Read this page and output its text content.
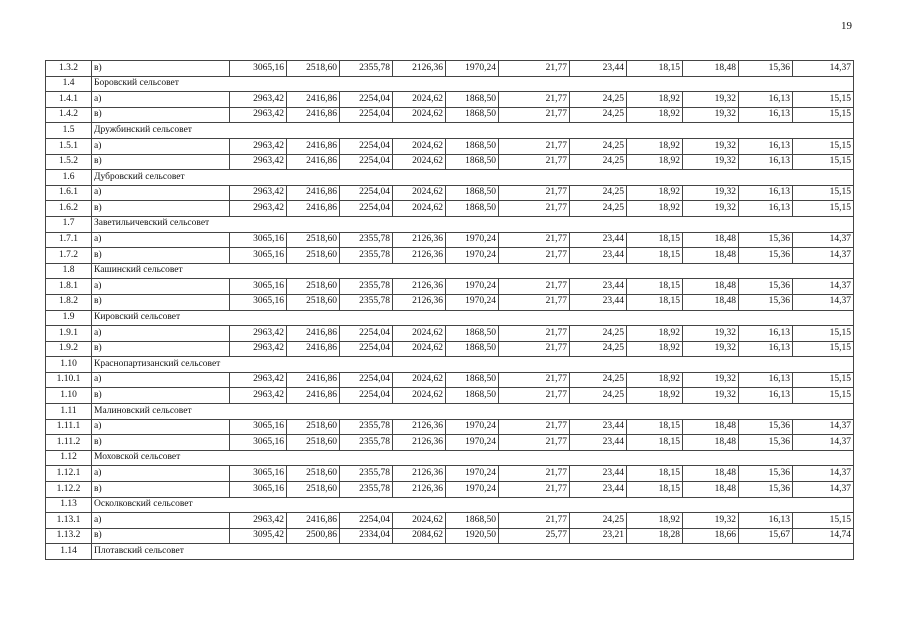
19
1.3.2	в)	3065,16	2518,60	2355,78	2126,36	1970,24	21,77	23,44	18,15	18,48	15,36	14,37
1.4	Боровский сельсовет											
1.4.1	а)	2963,42	2416,86	2254,04	2024,62	1868,50	21,77	24,25	18,92	19,32	16,13	15,15
1.4.2	в)	2963,42	2416,86	2254,04	2024,62	1868,50	21,77	24,25	18,92	19,32	16,13	15,15
1.5	Дружбинский сельсовет											
1.5.1	а)	2963,42	2416,86	2254,04	2024,62	1868,50	21,77	24,25	18,92	19,32	16,13	15,15
1.5.2	в)	2963,42	2416,86	2254,04	2024,62	1868,50	21,77	24,25	18,92	19,32	16,13	15,15
1.6	Дубровский сельсовет											
1.6.1	а)	2963,42	2416,86	2254,04	2024,62	1868,50	21,77	24,25	18,92	19,32	16,13	15,15
1.6.2	в)	2963,42	2416,86	2254,04	2024,62	1868,50	21,77	24,25	18,92	19,32	16,13	15,15
1.7	Заветильичевский сельсовет											
1.7.1	а)	3065,16	2518,60	2355,78	2126,36	1970,24	21,77	23,44	18,15	18,48	15,36	14,37
1.7.2	в)	3065,16	2518,60	2355,78	2126,36	1970,24	21,77	23,44	18,15	18,48	15,36	14,37
1.8	Кашинский сельсовет											
1.8.1	а)	3065,16	2518,60	2355,78	2126,36	1970,24	21,77	23,44	18,15	18,48	15,36	14,37
1.8.2	в)	3065,16	2518,60	2355,78	2126,36	1970,24	21,77	23,44	18,15	18,48	15,36	14,37
1.9	Кировский сельсовет											
1.9.1	а)	2963,42	2416,86	2254,04	2024,62	1868,50	21,77	24,25	18,92	19,32	16,13	15,15
1.9.2	в)	2963,42	2416,86	2254,04	2024,62	1868,50	21,77	24,25	18,92	19,32	16,13	15,15
1.10	Краснопартизанский сельсовет											
1.10.1	а)	2963,42	2416,86	2254,04	2024,62	1868,50	21,77	24,25	18,92	19,32	16,13	15,15
1.10	в)	2963,42	2416,86	2254,04	2024,62	1868,50	21,77	24,25	18,92	19,32	16,13	15,15
1.11	Малиновский сельсовет											
1.11.1	а)	3065,16	2518,60	2355,78	2126,36	1970,24	21,77	23,44	18,15	18,48	15,36	14,37
1.11.2	в)	3065,16	2518,60	2355,78	2126,36	1970,24	21,77	23,44	18,15	18,48	15,36	14,37
1.12	Моховской сельсовет											
1.12.1	а)	3065,16	2518,60	2355,78	2126,36	1970,24	21,77	23,44	18,15	18,48	15,36	14,37
1.12.2	в)	3065,16	2518,60	2355,78	2126,36	1970,24	21,77	23,44	18,15	18,48	15,36	14,37
1.13	Осколковский сельсовет											
1.13.1	а)	2963,42	2416,86	2254,04	2024,62	1868,50	21,77	24,25	18,92	19,32	16,13	15,15
1.13.2	в)	3095,42	2500,86	2334,04	2084,62	1920,50	25,77	23,21	18,28	18,66	15,67	14,74
1.14	Плотавский сельсовет											
